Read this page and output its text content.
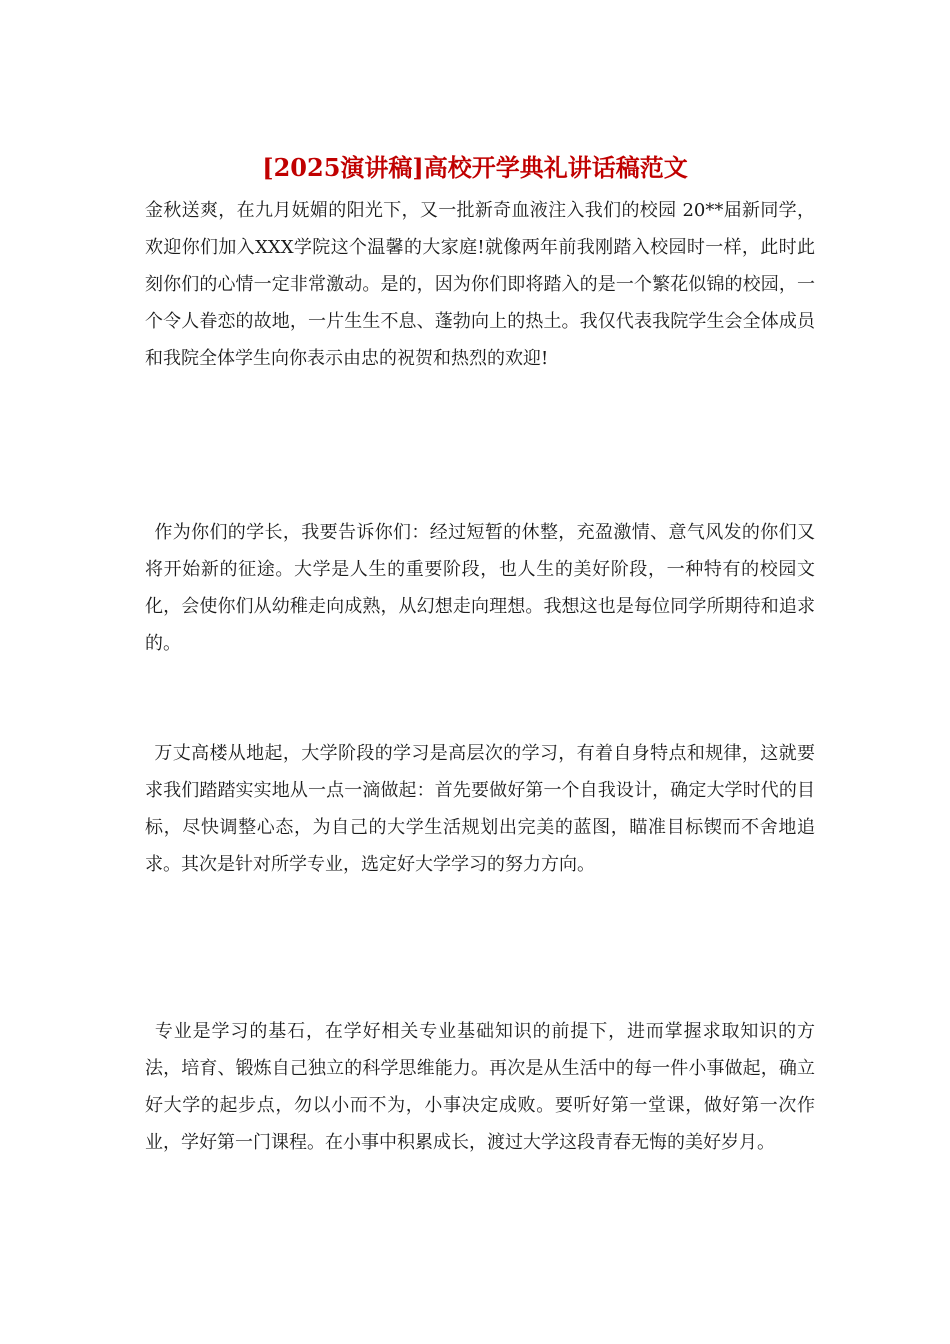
[2025演讲稿]高校开学典礼讲话稿范文
金秋送爽，在九月妩媚的阳光下，又一批新奇血液注入我们的校园 20**届新同学，欢迎你们加入XXX学院这个温馨的大家庭!就像两年前我刚踏入校园时一样，此时此刻你们的心情一定非常激动。是的，因为你们即将踏入的是一个繁花似锦的校园，一个令人眷恋的故地，一片生生不息、蓬勃向上的热土。我仅代表我院学生会全体成员和我院全体学生向你表示由忠的祝贺和热烈的欢迎!
作为你们的学长，我要告诉你们：经过短暂的休整，充盈激情、意气风发的你们又将开始新的征途。大学是人生的重要阶段，也人生的美好阶段，一种特有的校园文化，会使你们从幼稚走向成熟，从幻想走向理想。我想这也是每位同学所期待和追求的。
万丈高楼从地起，大学阶段的学习是高层次的学习，有着自身特点和规律，这就要求我们踏踏实实地从一点一滴做起：首先要做好第一个自我设计，确定大学时代的目标，尽快调整心态，为自己的大学生活规划出完美的蓝图，瞄准目标锲而不舍地追求。其次是针对所学专业，选定好大学学习的努力方向。
专业是学习的基石，在学好相关专业基础知识的前提下，进而掌握求取知识的方法，培育、锻炼自己独立的科学思维能力。再次是从生活中的每一件小事做起，确立好大学的起步点，勿以小而不为，小事决定成败。要听好第一堂课，做好第一次作业，学好第一门课程。在小事中积累成长，渡过大学这段青春无悔的美好岁月。
